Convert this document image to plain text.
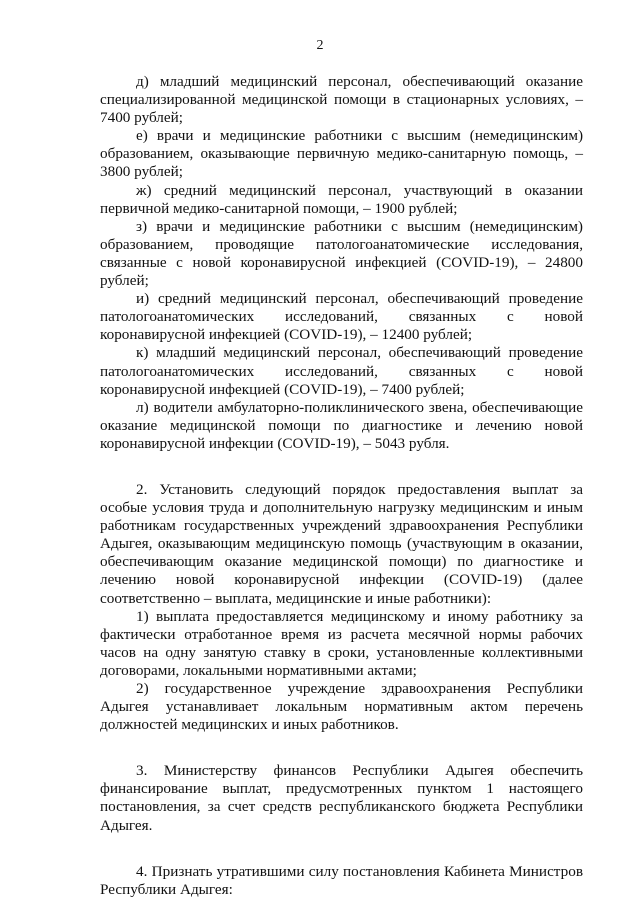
2

д) младший медицинский персонал, обеспечивающий оказание специализированной медицинской помощи в стационарных условиях, – 7400 рублей;

е) врачи и медицинские работники с высшим (немедицинским) образованием, оказывающие первичную медико-санитарную помощь, – 3800 рублей;

ж) средний медицинский персонал, участвующий в оказании первичной медико-санитарной помощи, – 1900 рублей;

з) врачи и медицинские работники с высшим (немедицинским) образованием, проводящие патологоанатомические исследования, связанные с новой коронавирусной инфекцией (COVID-19), – 24800 рублей;

и) средний медицинский персонал, обеспечивающий проведение патологоанатомических исследований, связанных с новой коронавирусной инфекцией (COVID-19), – 12400 рублей;

к) младший медицинский персонал, обеспечивающий проведение патологоанатомических исследований, связанных с новой коронавирусной инфекцией (COVID-19), – 7400 рублей;

л) водители амбулаторно-поликлинического звена, обеспечивающие оказание медицинской помощи по диагностике и лечению новой коронавирусной инфекции (COVID-19), – 5043 рубля.

2. Установить следующий порядок предоставления выплат за особые условия труда и дополнительную нагрузку медицинским и иным работникам государственных учреждений здравоохранения Республики Адыгея, оказывающим медицинскую помощь (участвующим в оказании, обеспечивающим оказание медицинской помощи) по диагностике и лечению новой коронавирусной инфекции (COVID-19) (далее соответственно – выплата, медицинские и иные работники):

1) выплата предоставляется медицинскому и иному работнику за фактически отработанное время из расчета месячной нормы рабочих часов на одну занятую ставку в сроки, установленные коллективными договорами, локальными нормативными актами;

2) государственное учреждение здравоохранения Республики Адыгея устанавливает локальным нормативным актом перечень должностей медицинских и иных работников.

3. Министерству финансов Республики Адыгея обеспечить финансирование выплат, предусмотренных пунктом 1 настоящего постановления, за счет средств республиканского бюджета Республики Адыгея.

4. Признать утратившими силу постановления Кабинета Министров Республики Адыгея:
